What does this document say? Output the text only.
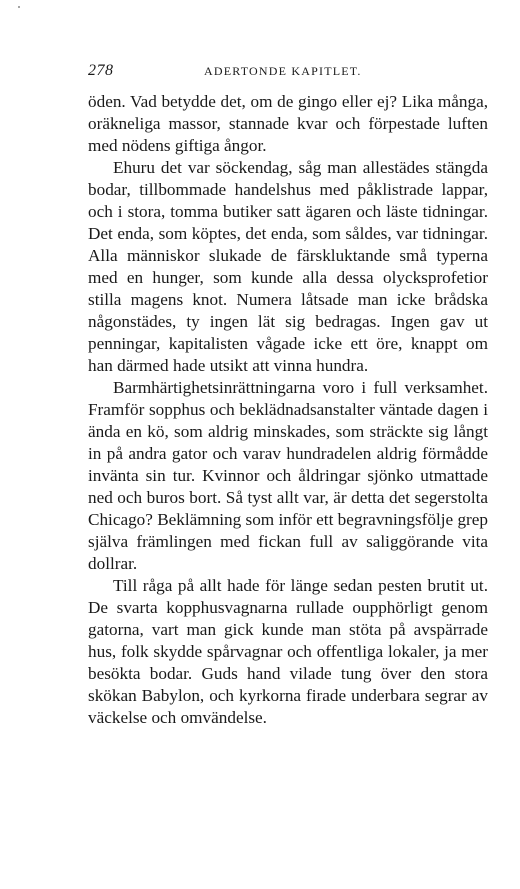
278	ADERTONDE KAPITLET.

öden. Vad betydde det, om de gingo eller ej? Lika många, oräkneliga massor, stannade kvar och förpestade luften med nödens giftiga ångor.

Ehuru det var söckendag, såg man allestädes stängda bodar, tillbommade handelshus med påklistrade lappar, och i stora, tomma butiker satt ägaren och läste tidningar. Det enda, som köptes, det enda, som såldes, var tidningar. Alla människor slukade de färskluktande små typerna med en hunger, som kunde alla dessa olycksprofetior stilla magens knot. Numera låtsade man icke brådska någonstädes, ty ingen lät sig bedragas. Ingen gav ut penningar, kapitalisten vågade icke ett öre, knappt om han därmed hade utsikt att vinna hundra.

Barmhärtighetsinrättningarna voro i full verksamhet. Framför sopphus och beklädnadsanstalter väntade dagen i ända en kö, som aldrig minskades, som sträckte sig långt in på andra gator och varav hundradelen aldrig förmådde invänta sin tur. Kvinnor och åldringar sjönko utmattade ned och buros bort. Så tyst allt var, är detta det segerstolta Chicago? Beklämning som inför ett begravningsfölje grep själva främlingen med fickan full av saliggörande vita dollrar.

Till råga på allt hade för länge sedan pesten brutit ut. De svarta kopphusvagnarna rullade oupphörligt genom gatorna, vart man gick kunde man stöta på avspärrade hus, folk skydde spårvagnar och offentliga lokaler, ja mer besökta bodar. Guds hand vilade tung över den stora skökan Babylon, och kyrkorna firade underbara segrar av väckelse och omvändelse.
